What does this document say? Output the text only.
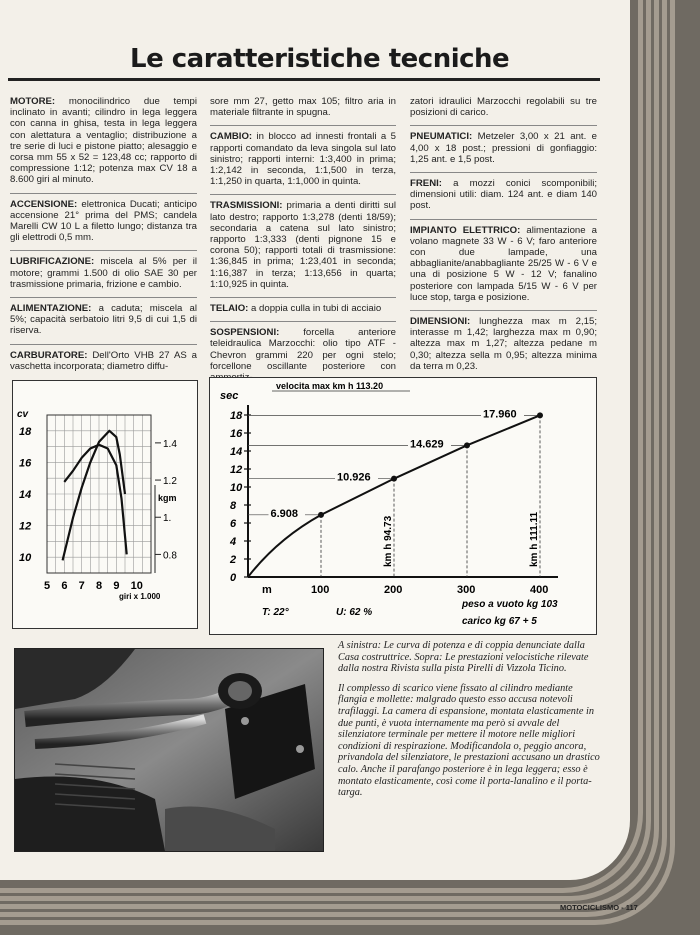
Le caratteristiche tecniche

MOTORE: monocilindrico due tempi inclinato in avanti; cilindro in lega leggera con canna in ghisa, testa in lega leggera con alettatura a ventaglio; distribuzione a tre serie di luci e pistone piatto; alesaggio e corsa mm 55 x 52 = 123,48 cc; rapporto di compressione 1:12; potenza max CV 18 a 8.600 giri al minuto.

ACCENSIONE: elettronica Ducati; anticipo accensione 21° prima del PMS; candela Marelli CW 10 L a filetto lungo; distanza tra gli elettrodi 0,5 mm.

LUBRIFICAZIONE: miscela al 5% per il motore; grammi 1.500 di olio SAE 30 per trasmissione primaria, frizione e cambio.

ALIMENTAZIONE: a caduta; miscela al 5%; capacità serbatoio litri 9,5 di cui 1,5 di riserva.

CARBURATORE: Dell'Orto VHB 27 AS a vaschetta incorporata; diametro diffu-

sore mm 27, getto max 105; filtro aria in materiale filtrante in spugna.

CAMBIO: in blocco ad innesti frontali a 5 rapporti comandato da leva singola sul lato sinistro; rapporti interni: 1:3,400 in prima; 1:2,142 in seconda, 1:1,500 in terza, 1:1,250 in quarta, 1:1,000 in quinta.

TRASMISSIONI: primaria a denti diritti sul lato destro; rapporto 1:3,278 (denti 18/59); secondaria a catena sul lato sinistro; rapporto 1:3,333 (denti pignone 15 e corona 50); rapporti totali di trasmissione: 1:36,845 in prima; 1:23,401 in seconda; 1:16,387 in terza; 1:13,656 in quarta; 1:10,925 in quinta.

TELAIO: a doppia culla in tubi di acciaio

SOSPENSIONI: forcella anteriore teleidraulica Marzocchi: olio tipo ATF - Chevron grammi 220 per ogni stelo; forcellone oscillante posteriore con

zatori idraulici Marzocchi regolabili su tre posizioni di carico.

PNEUMATICI: Metzeler 3,00 x 21 ant. e 4,00 x 18 post.; pressioni di gonfiaggio: 1,25 ant. e 1,5 post.

FRENI: a mozzi conici scomponibili; dimensioni utili: diam. 124 ant. e diam 140 post.

IMPIANTO ELETTRICO: alimentazione a volano magnete 33 W - 6 V; faro anteriore con due lampade, una abbaglianite/anabbagliante 25/25 W - 6 V e una di posizione 5 W - 12 V; fanalino posteriore con lampada 5/15 W - 6 V per luce stop, targa e posizione.

DIMENSIONI: lunghezza max m 2,15; interasse m 1,42; larghezza max m 0,90; altezza max m 1,27; altezza pedane m 0,30; altezza sella m 0,95; altezza minima da terra m 0,23.

cv
kgm
10
12
14
16
18
0.8
1.
1.2
1.4
5 6 7 8 9 10
giri x 1.000
velocita max km h 113.20
sec
0
2
4
6
8
10
12
14
16
18
m	100	200	300	400
6.908
10.926
14.629
17.960
km h 94.73	km h 111.11
T: 22°	U: 62 %
peso a vuoto kg 103
carico kg 67 + 5

A sinistra: Le curva di potenza e di coppia denunciate dalla Casa costruttrice. Sopra: Le prestazioni velocistiche rilevate dalla nostra Rivista sulla pista Pirelli di Vizzola Ticino.

Il complesso di scarico viene fissato al cilindro mediante flangia e mollette: malgrado questo esso accusa notevoli trafilaggi. La camera di espansione, montata elasticamente in due punti, è vuota internamente ma però si avvale del silenziatore terminale per mettere il motore nelle migliori condizioni di respirazione. Modificandola o, peggio ancora, privandola del silenziatore, le prestazioni accusano un drastico calo. Anche il parafango posteriore è in lega leggera; esso è montato elasticamente, così come il porta-lanalino e il porta-targa.

MOTOCICLISMO - 117
